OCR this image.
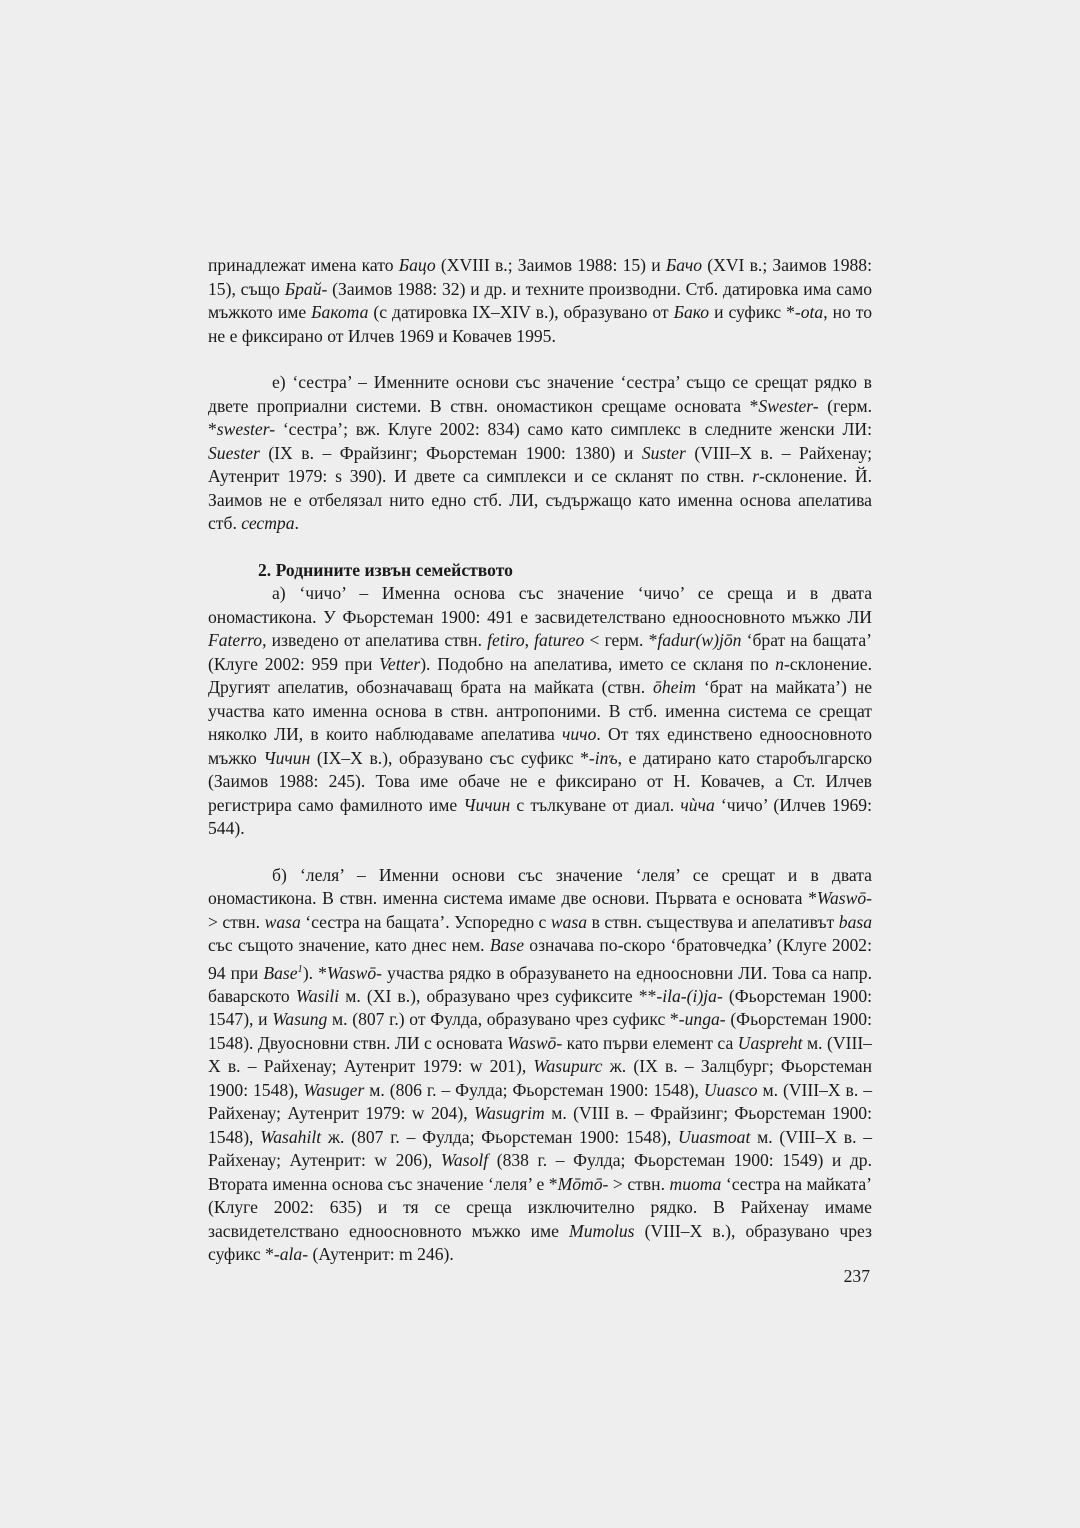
принадлежат имена като Бацо (XVIII в.; Заимов 1988: 15) и Бачо (XVI в.; Заимов 1988: 15), също Брай- (Заимов 1988: 32) и др. и техните производни. Стб. датировка има само мъжкото име Бакота (с датировка IX–XIV в.), образувано от Бако и суфикс *-ota, но то не е фиксирано от Илчев 1969 и Ковачев 1995.

е) ‘сестра’ – Именните основи със значение ‘сестра’ също се срещат рядко в двете проприални системи. В ствн. ономастикон срещаме основата *Swester- (герм. *swester- ‘сестра’; вж. Клуге 2002: 834) само като симплекс в следните женски ЛИ: Suester (IX в. – Фрайзинг; Фьорстеман 1900: 1380) и Suster (VIII–X в. – Райхенау; Аутенрит 1979: s 390). И двете са симплекси и се скланят по ствн. r-склонение. Й. Заимов не е отбелязал нито едно стб. ЛИ, съдържащо като именна основа апелатива стб. сестра.

2. Роднините извън семейството

а) ‘чичо’ – Именна основа със значение ‘чичо’ се среща и в двата ономастикона. У Фьорстеман 1900: 491 е засвидетелствано едноосновното мъжко ЛИ Faterro, изведено от апелатива ствн. fetiro, fatureo < герм. *fadur(w)jōn ‘брат на бащата’ (Клуге 2002: 959 при Vetter). Подобно на апелатива, името се скланя по n-склонение. Другият апелатив, обозначаващ брата на майката (ствн. ōheim ‘брат на майката’) не участва като именна основа в ствн. антропоними. В стб. именна система се срещат няколко ЛИ, в които наблюдаваме апелатива чичо. От тях единствено едноосновното мъжко Чичин (IX–X в.), образувано със суфикс *-inъ, е датирано като старобългарско (Заимов 1988: 245). Това име обаче не е фиксирано от Н. Ковачев, а Ст. Илчев регистрира само фамилното име Чичин с тълкуване от диал. чѝча ‘чичо’ (Илчев 1969: 544).

б) ‘леля’ – Именни основи със значение ‘леля’ се срещат и в двата ономастикона. В ствн. именна система имаме две основи. Първата е основата *Waswō- > ствн. wasa ‘сестра на бащата’. Успоредно с wasa в ствн. съществува и апелативът basa със същото значение, като днес нем. Base означава по-скоро ‘братовчедка’ (Клуге 2002: 94 при Base$^1$). *Waswō- участва рядко в образуването на едноосновни ЛИ. Това са напр. баварското Wasili м. (XI в.), образувано чрез суфиксите **-ila-(i)ja- (Фьорстеман 1900: 1547), и Wasung м. (807 г.) от Фулда, образувано чрез суфикс *-unga- (Фьорстеман 1900: 1548). Двуосновни ствн. ЛИ с основата Waswō- като първи елемент са Uaspreht м. (VIII–X в. – Райхенау; Аутенрит 1979: w 201), Wasupurc ж. (IX в. – Залцбург; Фьорстеман 1900: 1548), Wasuger м. (806 г. – Фулда; Фьорстеман 1900: 1548), Uuasco м. (VIII–X в. – Райхенау; Аутенрит 1979: w 204), Wasugrim м. (VIII в. – Фрайзинг; Фьорстеман 1900: 1548), Wasahilt ж. (807 г. – Фулда; Фьорстеман 1900: 1548), Uuasmoat м. (VIII–X в. – Райхенау; Аутенрит: w 206), Wasolf (838 г. – Фулда; Фьорстеман 1900: 1549) и др. Втората именна основа със значение ‘леля’ е *Mōmō- > ствн. muoma ‘сестра на майката’ (Клуге 2002: 635) и тя се среща изключително рядко. В Райхенау имаме засвидетелствано едноосновното мъжко име Mumolus (VIII–X в.), образувано чрез суфикс *-ala- (Аутенрит: m 246).

237
